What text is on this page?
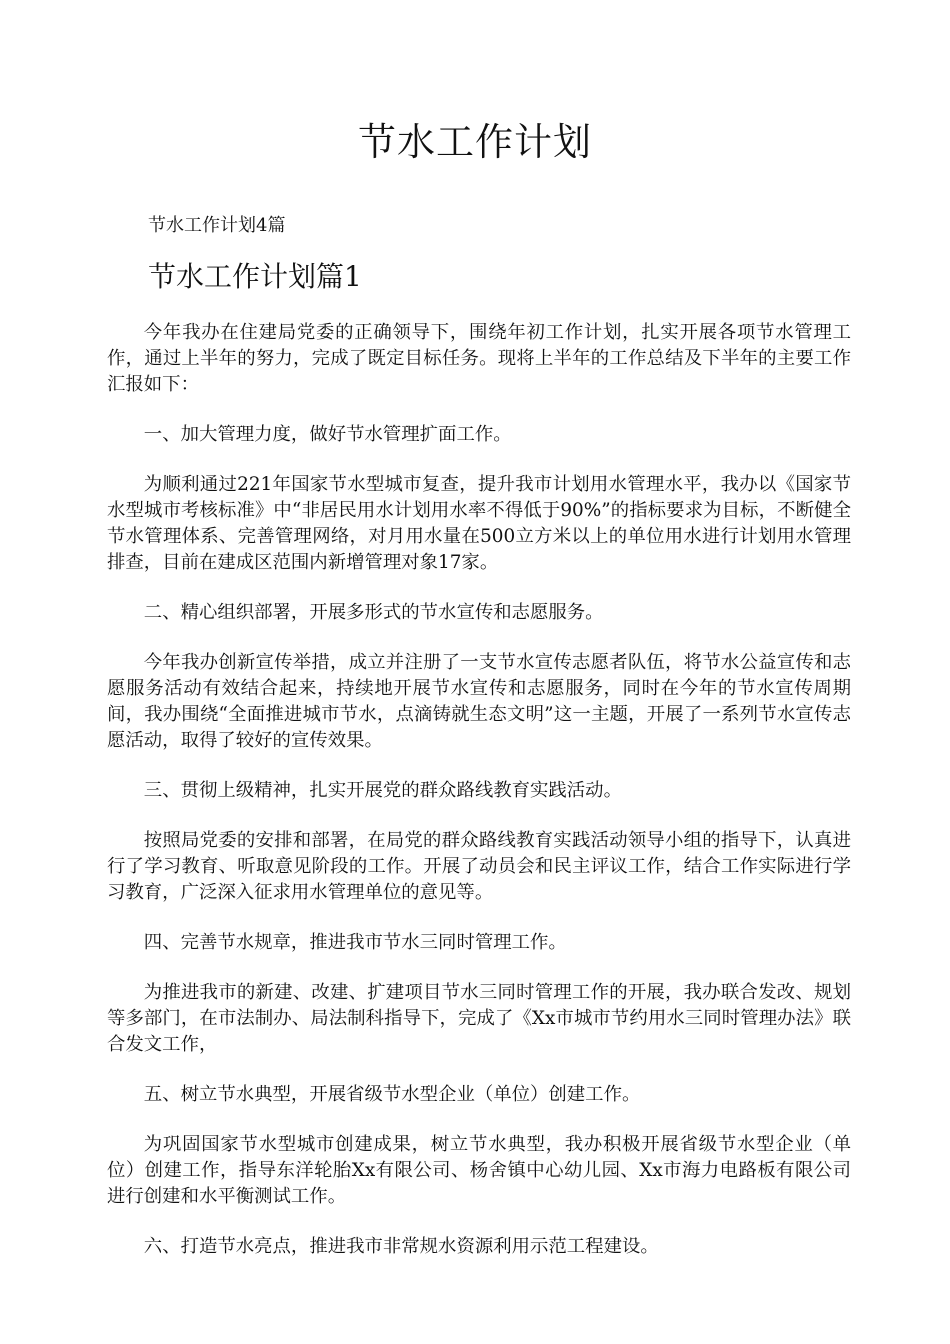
节水工作计划
节水工作计划4篇
节水工作计划篇1

今年我办在住建局党委的正确领导下，围绕年初工作计划，扎实开展各项节水管理工作，通过上半年的努力，完成了既定目标任务。现将上半年的工作总结及下半年的主要工作汇报如下：

一、加大管理力度，做好节水管理扩面工作。

为顺利通过221年国家节水型城市复查，提升我市计划用水管理水平，我办以《国家节水型城市考核标准》中“非居民用水计划用水率不得低于90%”的指标要求为目标，不断健全节水管理体系、完善管理网络，对月用水量在500立方米以上的单位用水进行计划用水管理排查，目前在建成区范围内新增管理对象17家。

二、精心组织部署，开展多形式的节水宣传和志愿服务。

今年我办创新宣传举措，成立并注册了一支节水宣传志愿者队伍，将节水公益宣传和志愿服务活动有效结合起来，持续地开展节水宣传和志愿服务，同时在今年的节水宣传周期间，我办围绕“全面推进城市节水，点滴铸就生态文明”这一主题，开展了一系列节水宣传志愿活动，取得了较好的宣传效果。

三、贯彻上级精神，扎实开展党的群众路线教育实践活动。

按照局党委的安排和部署，在局党的群众路线教育实践活动领导小组的指导下，认真进行了学习教育、听取意见阶段的工作。开展了动员会和民主评议工作，结合工作实际进行学习教育，广泛深入征求用水管理单位的意见等。

四、完善节水规章，推进我市节水三同时管理工作。

为推进我市的新建、改建、扩建项目节水三同时管理工作的开展，我办联合发改、规划等多部门，在市法制办、局法制科指导下，完成了《Xx市城市节约用水三同时管理办法》联合发文工作，

五、树立节水典型，开展省级节水型企业（单位）创建工作。

为巩固国家节水型城市创建成果，树立节水典型，我办积极开展省级节水型企业（单位）创建工作，指导东洋轮胎Xx有限公司、杨舍镇中心幼儿园、Xx市海力电路板有限公司进行创建和水平衡测试工作。

六、打造节水亮点，推进我市非常规水资源利用示范工程建设。
